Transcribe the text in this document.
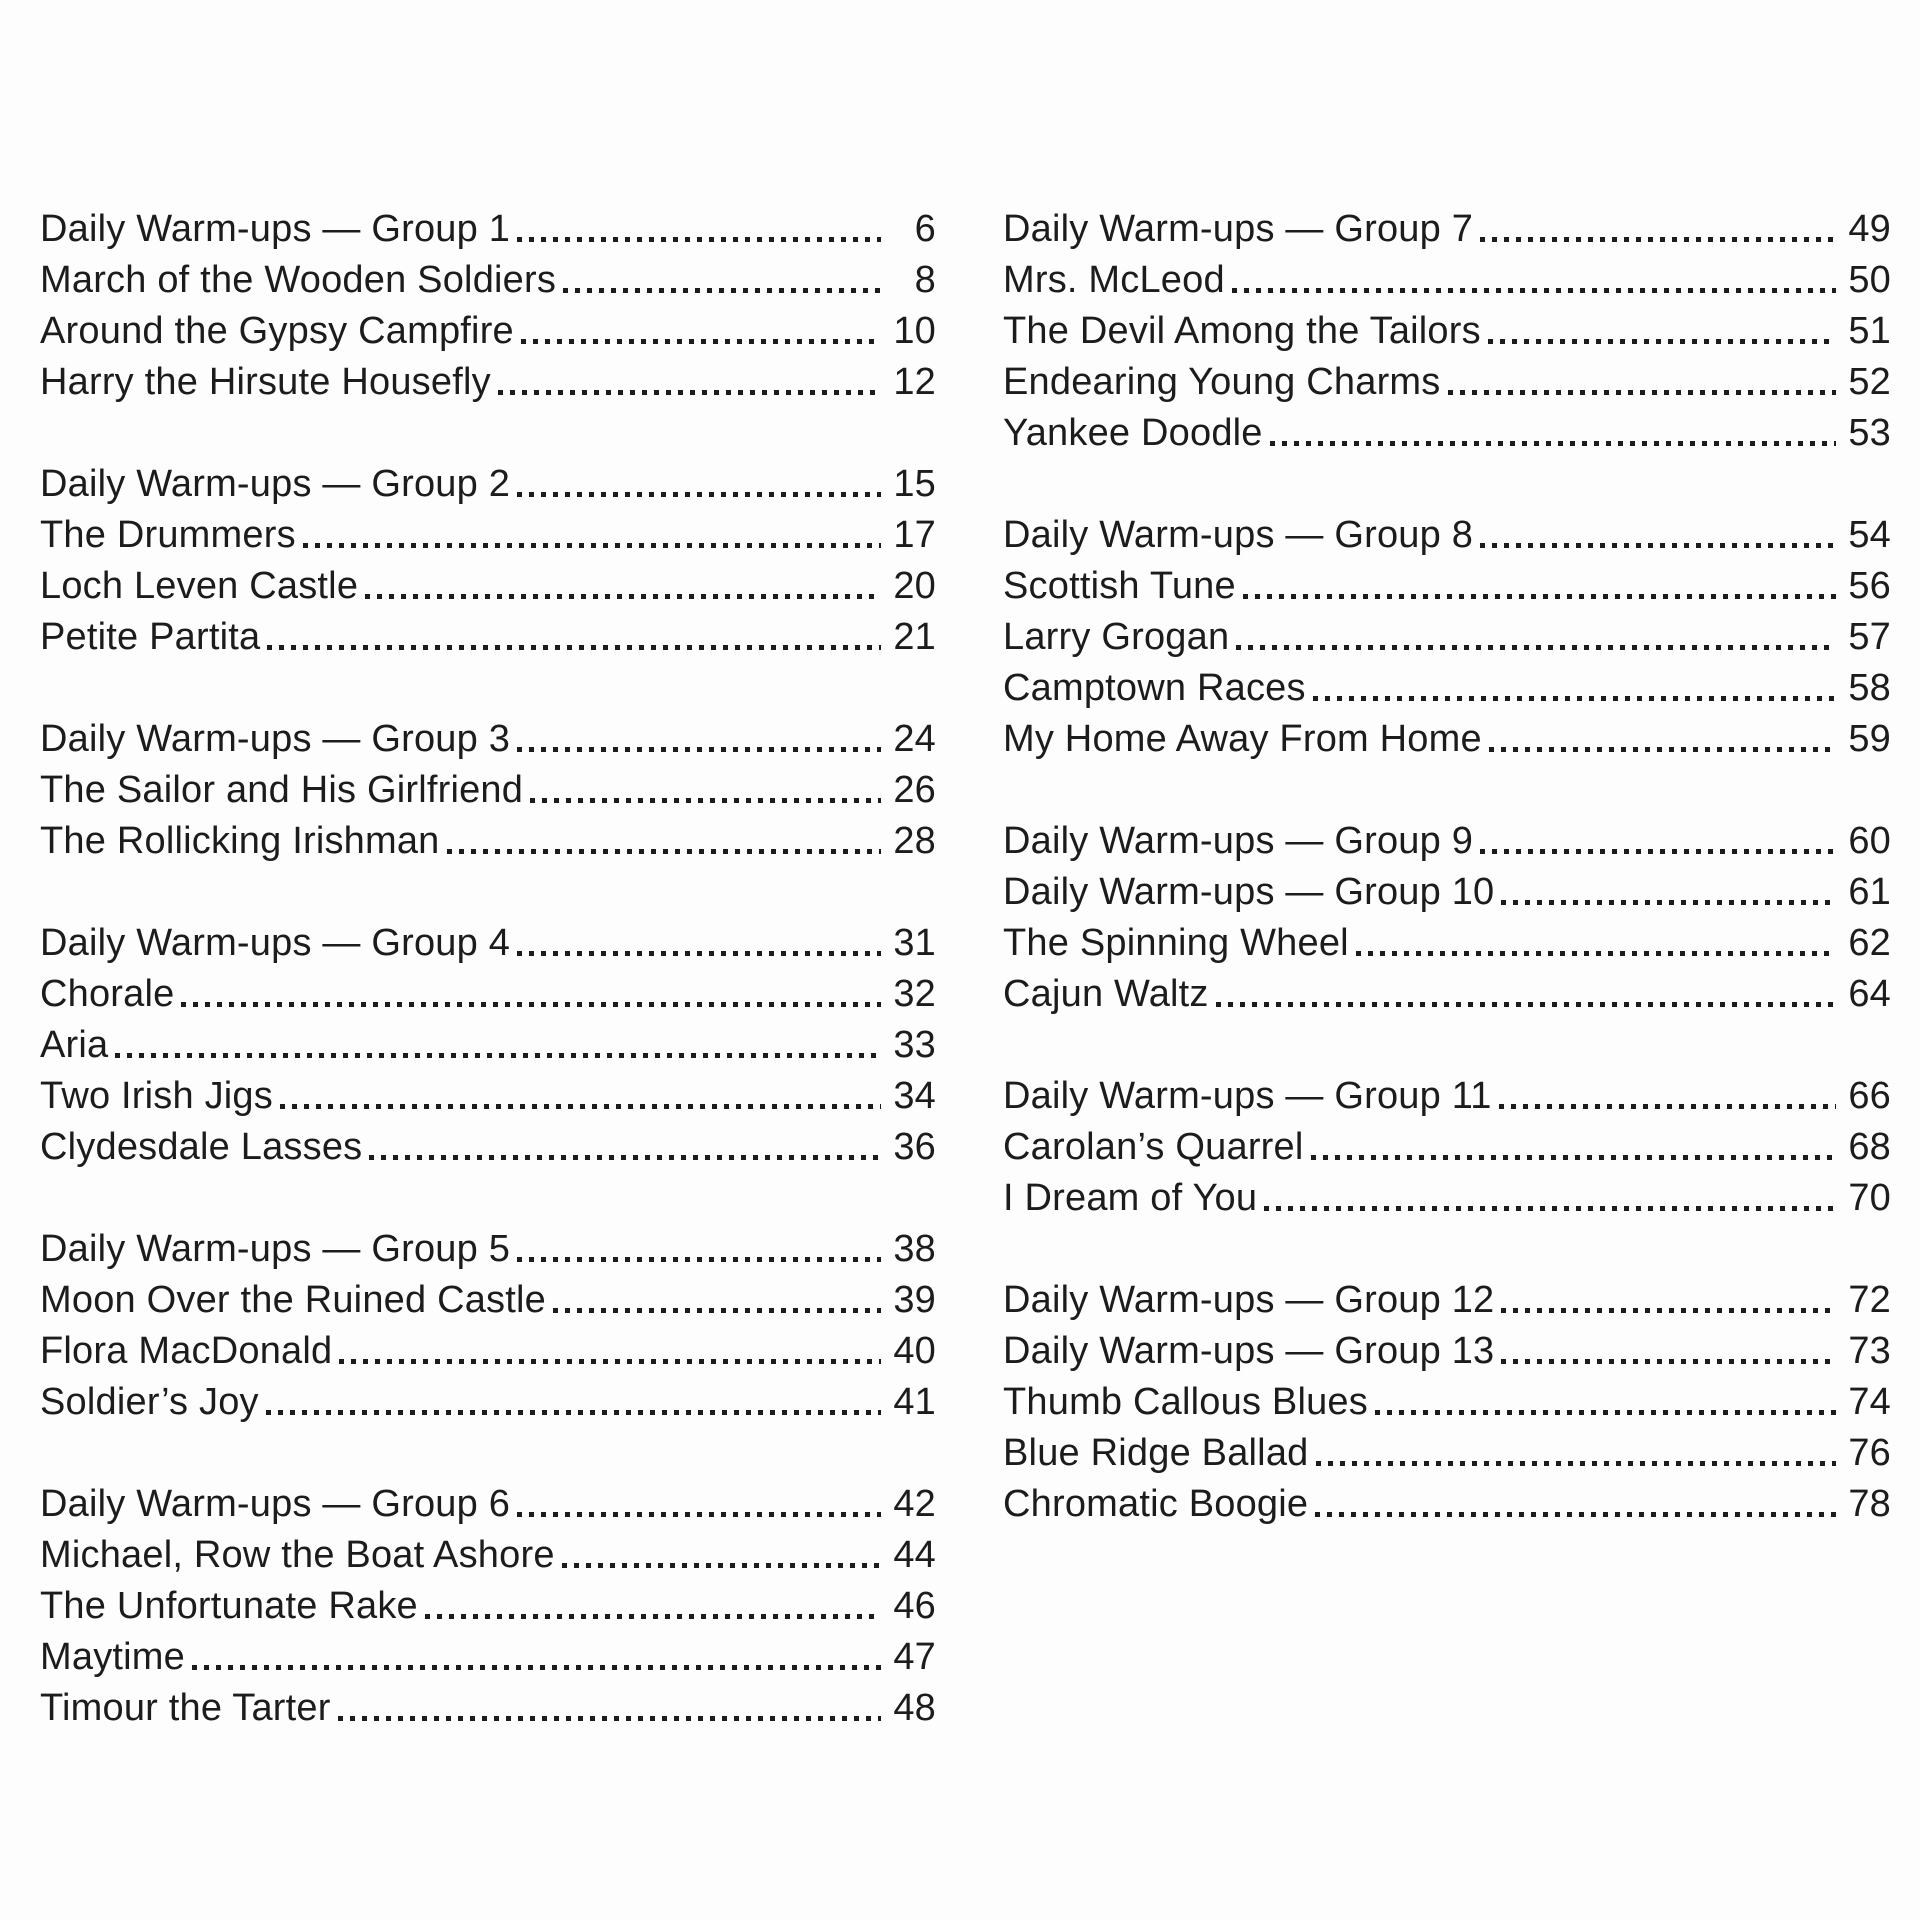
Daily Warm-ups — Group 1	6
March of the Wooden Soldiers	8
Around the Gypsy Campfire	10
Harry the Hirsute Housefly	12
Daily Warm-ups — Group 2	15
The Drummers	17
Loch Leven Castle	20
Petite Partita	21
Daily Warm-ups — Group 3	24
The Sailor and His Girlfriend	26
The Rollicking Irishman	28
Daily Warm-ups — Group 4	31
Chorale	32
Aria	33
Two Irish Jigs	34
Clydesdale Lasses	36
Daily Warm-ups — Group 5	38
Moon Over the Ruined Castle	39
Flora MacDonald	40
Soldier’s Joy	41
Daily Warm-ups — Group 6	42
Michael, Row the Boat Ashore	44
The Unfortunate Rake	46
Maytime	47
Timour the Tarter	48
Daily Warm-ups — Group 7	49
Mrs. McLeod	50
The Devil Among the Tailors	51
Endearing Young Charms	52
Yankee Doodle	53
Daily Warm-ups — Group 8	54
Scottish Tune	56
Larry Grogan	57
Camptown Races	58
My Home Away From Home	59
Daily Warm-ups — Group 9	60
Daily Warm-ups — Group 10	61
The Spinning Wheel	62
Cajun Waltz	64
Daily Warm-ups — Group 11	66
Carolan’s Quarrel	68
I Dream of You	70
Daily Warm-ups — Group 12	72
Daily Warm-ups — Group 13	73
Thumb Callous Blues	74
Blue Ridge Ballad	76
Chromatic Boogie	78
